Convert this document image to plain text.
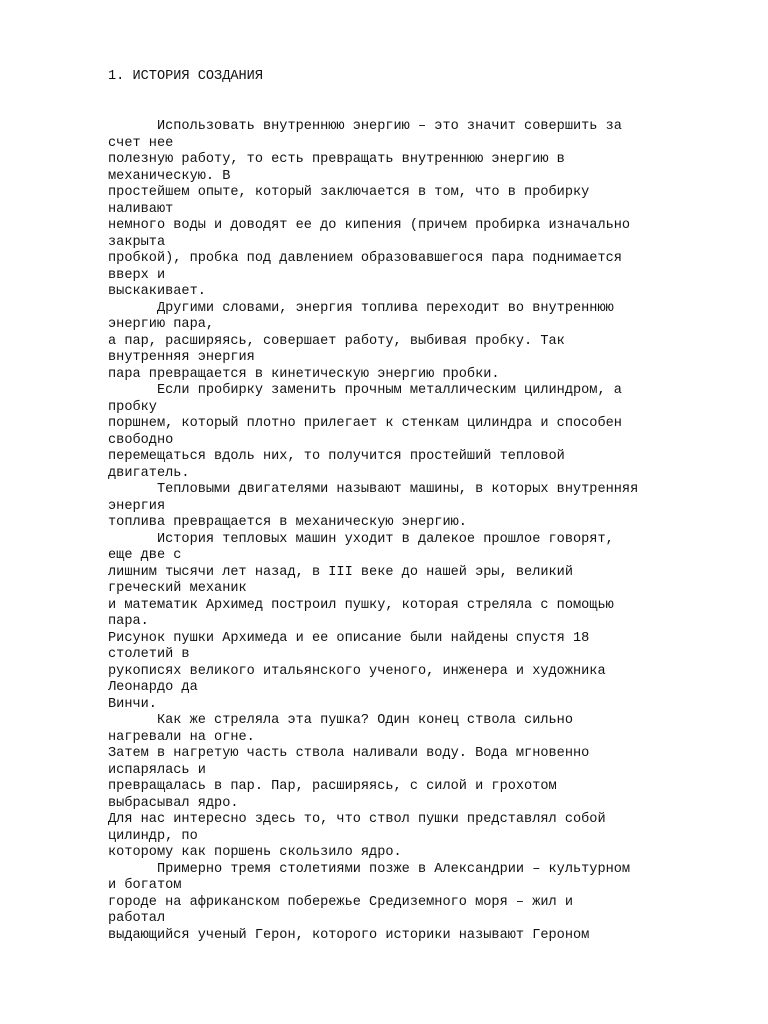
1. ИСТОРИЯ СОЗДАНИЯ
Использовать внутреннюю энергию – это значит совершить за
счет нее
полезную работу, то есть превращать внутреннюю энергию в
механическую. В
простейшем опыте, который заключается в том, что в пробирку
наливают
немного воды и доводят ее до кипения (причем пробирка изначально
закрыта
пробкой), пробка под давлением образовавшегося пара поднимается
вверх и
выскакивает.
Другими словами, энергия топлива переходит во внутреннюю
энергию пара,
а пар, расширяясь, совершает работу, выбивая пробку. Так
внутренняя энергия
пара превращается в кинетическую энергию пробки.
Если пробирку заменить прочным металлическим цилиндром, а
пробку
поршнем, который плотно прилегает к стенкам цилиндра и способен
свободно
перемещаться вдоль них, то получится простейший тепловой
двигатель.
Тепловыми двигателями называют машины, в которых внутренняя
энергия
топлива превращается в механическую энергию.
История тепловых машин уходит в далекое прошлое говорят,
еще две с
лишним тысячи лет назад, в III веке до нашей эры, великий
греческий механик
и математик Архимед построил пушку, которая стреляла с помощью
пара.
Рисунок пушки Архимеда и ее описание были найдены спустя 18
столетий в
рукописях великого итальянского ученого, инженера и художника
Леонардо да
Винчи.
Как же стреляла эта пушка? Один конец ствола сильно
нагревали на огне.
Затем в нагретую часть ствола наливали воду. Вода мгновенно
испарялась и
превращалась в пар. Пар, расширяясь, с силой и грохотом
выбрасывал ядро.
Для нас интересно здесь то, что ствол пушки представлял собой
цилиндр, по
которому как поршень скользило ядро.
Примерно тремя столетиями позже в Александрии – культурном
и богатом
городе на африканском побережье Средиземного моря – жил и
работал
выдающийся ученый Герон, которого историки называют Героном
